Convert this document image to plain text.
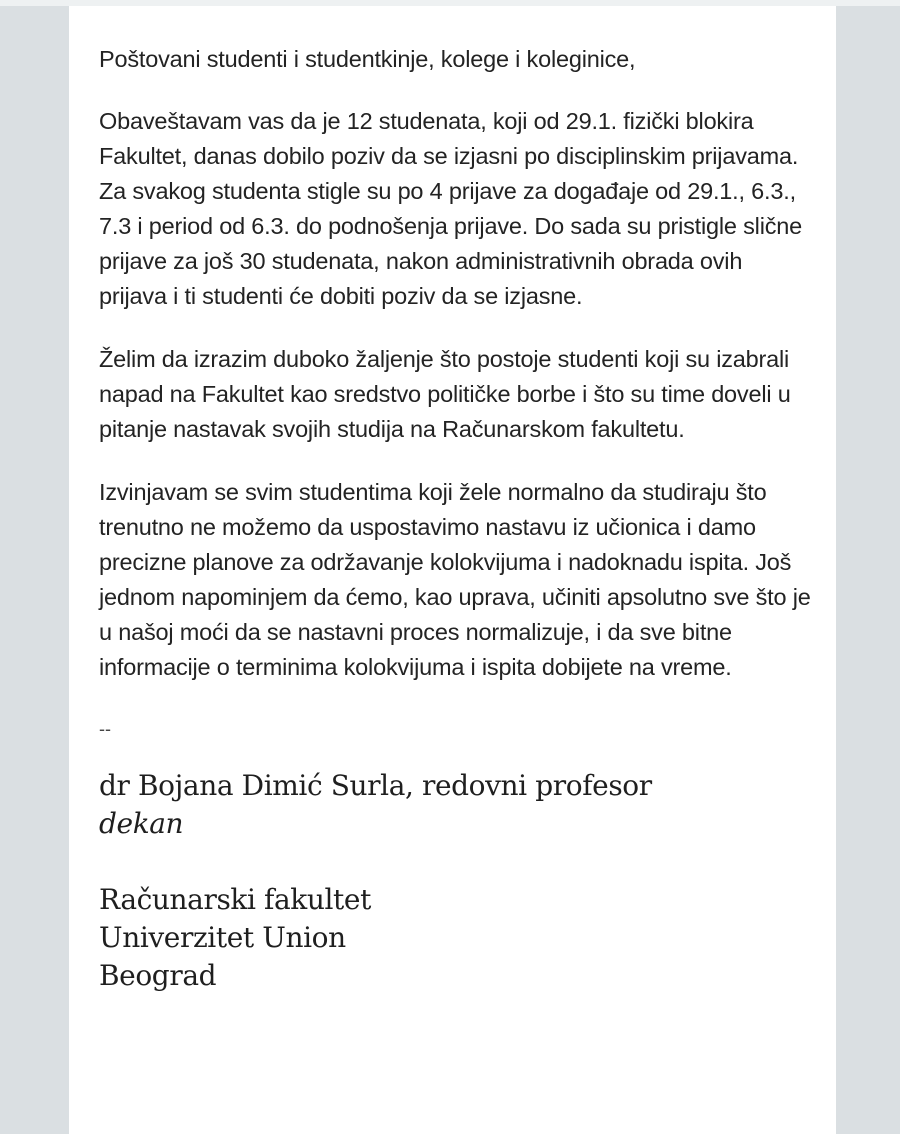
Poštovani studenti i studentkinje, kolege i koleginice,

Obaveštavam vas da je 12 studenata, koji od 29.1. fizički blokira Fakultet, danas dobilo poziv da se izjasni po disciplinskim prijavama. Za svakog studenta stigle su po 4 prijave za događaje od 29.1., 6.3., 7.3 i period od 6.3. do podnošenja prijave. Do sada su pristigle slične prijave za još 30 studenata, nakon administrativnih obrada ovih prijava i ti studenti će dobiti poziv da se izjasne.

Želim da izrazim duboko žaljenje što postoje studenti koji su izabrali napad na Fakultet kao sredstvo političke borbe i što su time doveli u pitanje nastavak svojih studija na Računarskom fakultetu.

Izvinjavam se svim studentima koji žele normalno da studiraju što trenutno ne možemo da uspostavimo nastavu iz učionica i damo precizne planove za održavanje kolokvijuma i nadoknadu ispita. Još jednom napominjem da ćemo, kao uprava, učiniti apsolutno sve što je u našoj moći da se nastavni proces normalizuje, i da sve bitne informacije o terminima kolokvijuma i ispita dobijete na vreme.

--

dr Bojana Dimić Surla, redovni profesor

dekan

Računarski fakultet

Univerzitet Union

Beograd
